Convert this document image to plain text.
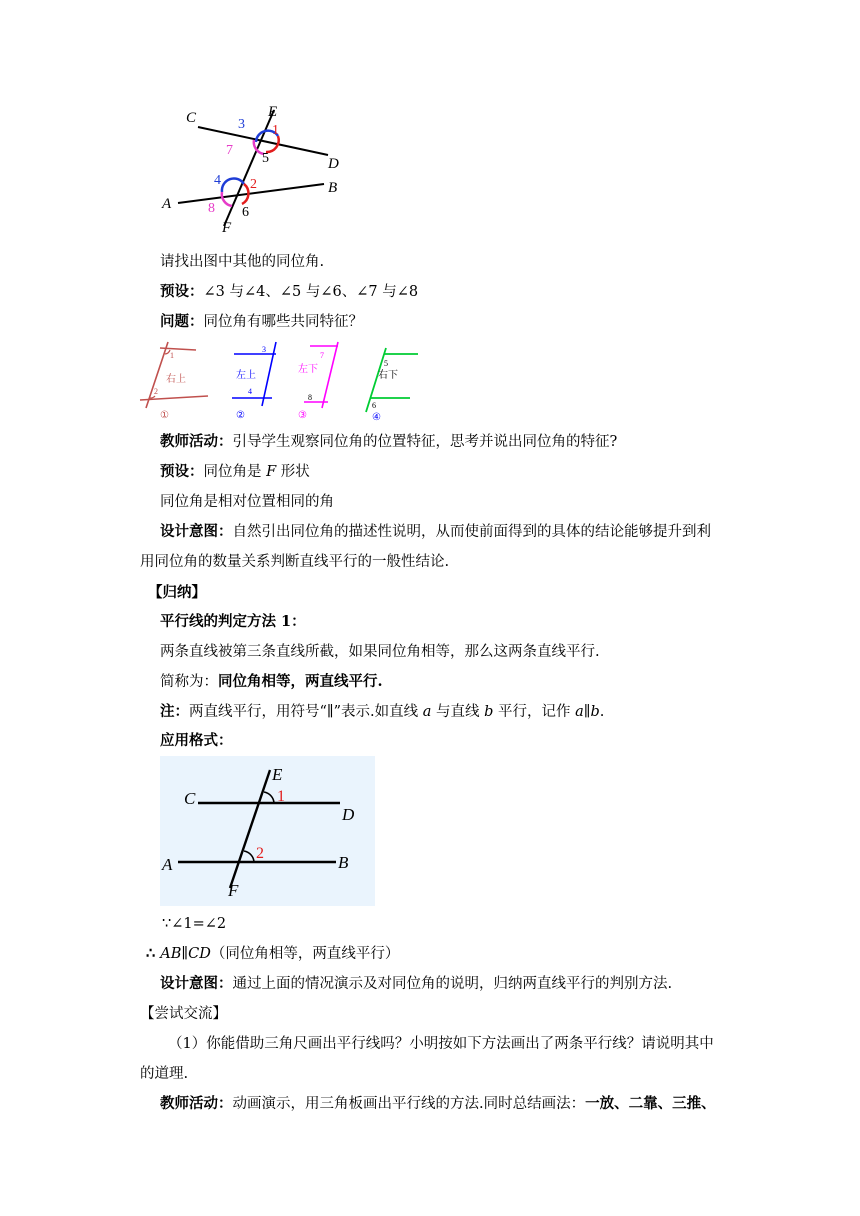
C	E
D
A
B
F
3 1
7
5
4 2
8 6
请找出图中其他的同位角.
预设：∠3 与∠4、∠5 与∠6、∠7 与∠8
问题：同位角有哪些共同特征？
1
右上
2
①
3
左上
4
②
7
左下
8
③
5
右下
6
④
教师活动：引导学生观察同位角的位置特征，思考并说出同位角的特征?
预设：同位角是 F 形状
同位角是相对位置相同的角
设计意图：自然引出同位角的描述性说明，从而使前面得到的具体的结论能够提升到利
用同位角的数量关系判断直线平行的一般性结论.
【归纳】
平行线的判定方法 1：
两条直线被第三条直线所截，如果同位角相等，那么这两条直线平行.
简称为：同位角相等，两直线平行.
注：两直线平行，用符号“∥”表示.如直线 a 与直线 b 平行，记作 a∥b.
应用格式：
E
C
D
A	B
F
1
2
∵∠1=∠2
∴ AB∥CD（同位角相等，两直线平行）
设计意图：通过上面的情况演示及对同位角的说明，归纳两直线平行的判别方法.
【尝试交流】
（1）你能借助三角尺画出平行线吗？小明按如下方法画出了两条平行线？请说明其中
的道理.
教师活动：动画演示，用三角板画出平行线的方法.同时总结画法：一放、二靠、三推、
